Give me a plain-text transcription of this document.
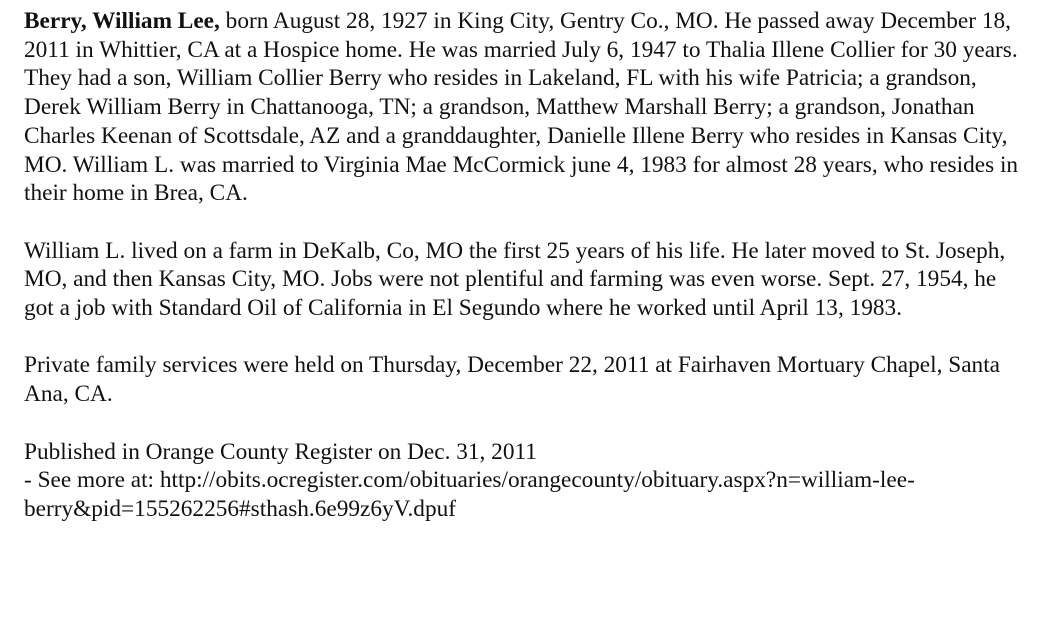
Berry, William Lee, born August 28, 1927 in King City, Gentry Co., MO. He passed away December 18, 2011 in Whittier, CA at a Hospice home. He was married July 6, 1947 to Thalia Illene Collier for 30 years. They had a son, William Collier Berry who resides in Lakeland, FL with his wife Patricia; a grandson, Derek William Berry in Chattanooga, TN; a grandson, Matthew Marshall Berry; a grandson, Jonathan Charles Keenan of Scottsdale, AZ and a granddaughter, Danielle Illene Berry who resides in Kansas City, MO. William L. was married to Virginia Mae McCormick june 4, 1983 for almost 28 years, who resides in their home in Brea, CA.

William L. lived on a farm in DeKalb, Co, MO the first 25 years of his life. He later moved to St. Joseph, MO, and then Kansas City, MO. Jobs were not plentiful and farming was even worse. Sept. 27, 1954, he got a job with Standard Oil of California in El Segundo where he worked until April 13, 1983.

Private family services were held on Thursday, December 22, 2011 at Fairhaven Mortuary Chapel, Santa Ana, CA.

Published in Orange County Register on Dec. 31, 2011

- See more at: http://obits.ocregister.com/obituaries/orangecounty/obituary.aspx?n=william-lee-

berry&pid=155262256#sthash.6e99z6yV.dpuf
